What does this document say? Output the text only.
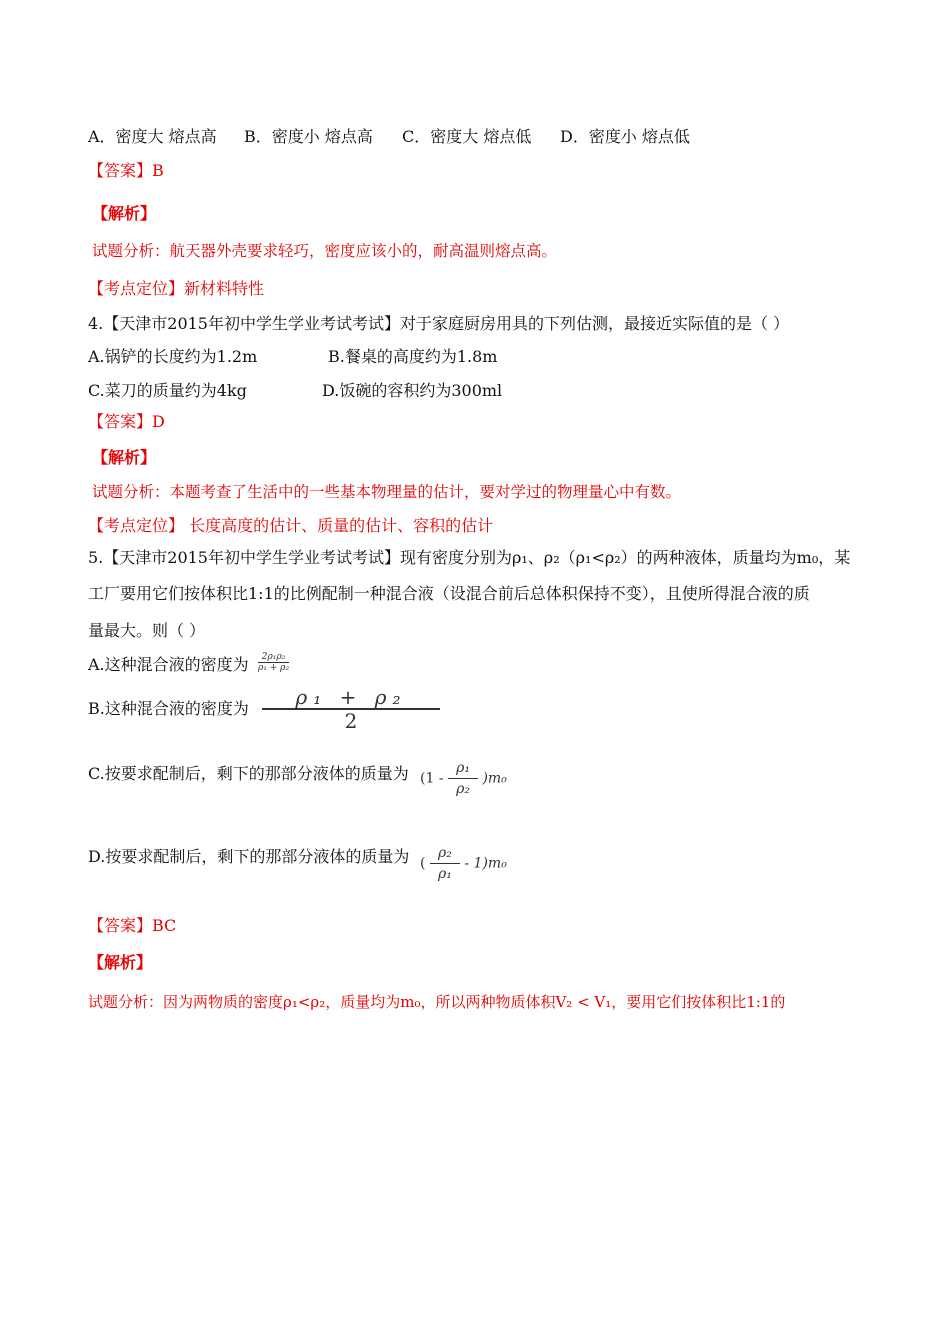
A．密度大 熔点高 B．密度小 熔点高 C．密度大 熔点低 D．密度小 熔点低
【答案】B
【解析】
试题分析：航天器外壳要求轻巧，密度应该小的，耐高温则熔点高。
【考点定位】新材料特性
4.【天津市2015年初中学生学业考试考试】对于家庭厨房用具的下列估测，最接近实际值的是（ ）
A.锅铲的长度约为1.2m	B.餐桌的高度约为1.8m
C.菜刀的质量约为4kg	D.饭碗的容积约为300ml
【答案】D
【解析】
试题分析：本题考查了生活中的一些基本物理量的估计，要对学过的物理量心中有数。
【考点定位】 长度高度的估计、质量的估计、容积的估计
5.【天津市2015年初中学生学业考试考试】现有密度分别为ρ₁、ρ₂（ρ₁<ρ₂）的两种液体，质量均为m₀，某
工厂要用它们按体积比1:1的比例配制一种混合液（设混合前后总体积保持不变），且使所得混合液的质
量最大。则（ ）
A.这种混合液的密度为 $\frac{\text{2ρ₁ρ₂}}{\text{ρ₁ + ρ₂}}$
B.这种混合液的密度为 $\frac{\text{ρ₁ + ρ₂}}{2}$
C.按要求配制后，剩下的那部分液体的质量为 $(1 - \frac{\text{ρ₁}}{\text{ρ₂}} )m_0$
D.按要求配制后，剩下的那部分液体的质量为 ( $\frac{\text{ρ₂}}{\text{ρ₁}} - 1)m_0$
【答案】BC
【解析】
试题分析：因为两物质的密度ρ₁<ρ₂，质量均为m₀，所以两种物质体积V₂ < V₁，要用它们按体积比1:1的
